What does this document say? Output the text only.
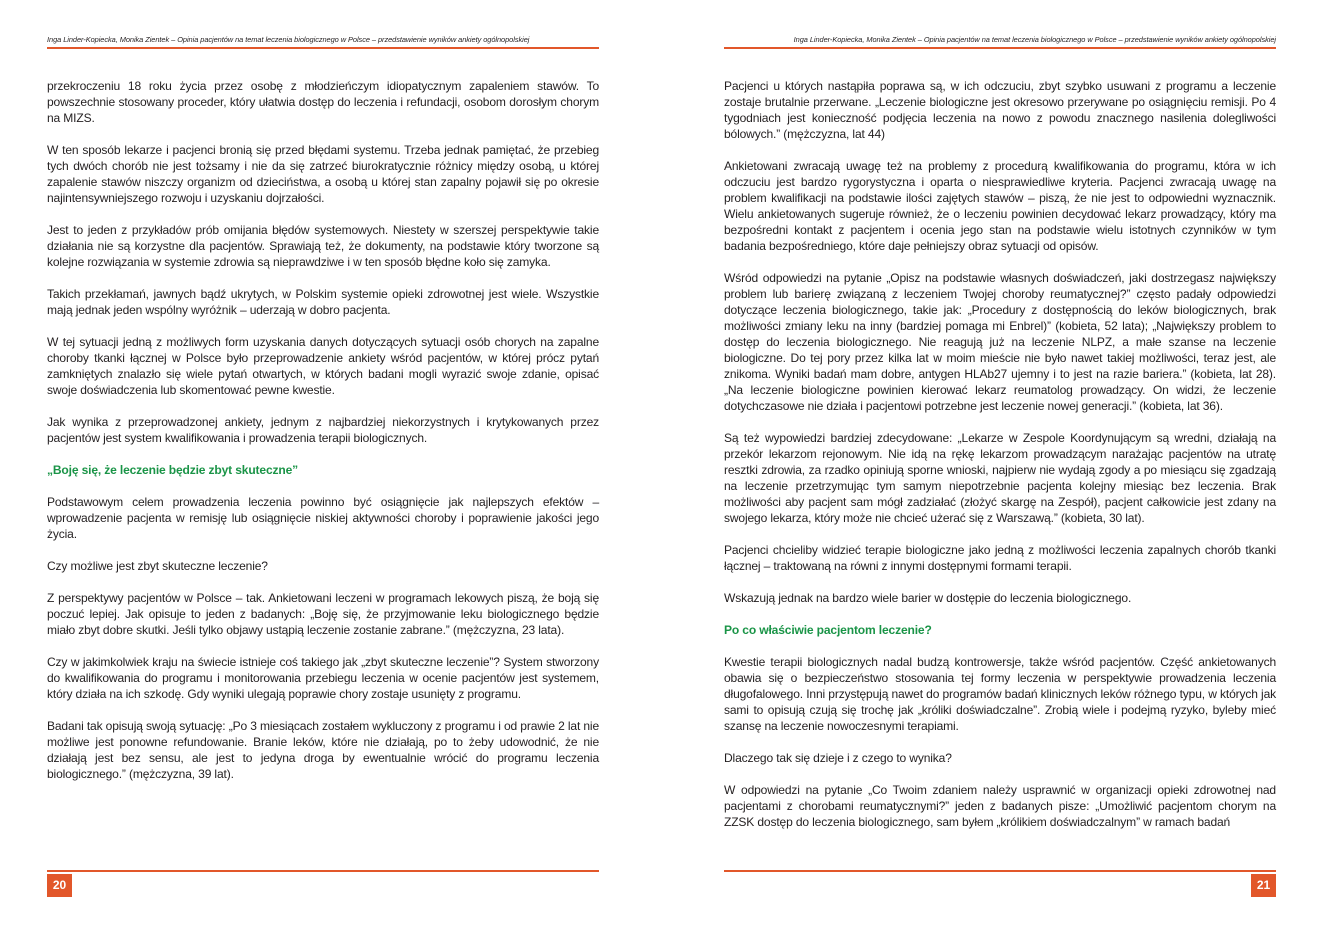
Inga Linder-Kopiecka, Monika Zientek – Opinia pacjentów na temat leczenia biologicznego w Polsce – przedstawienie wyników ankiety ogólnopolskiej

przekroczeniu 18 roku życia przez osobę z młodzieńczym idiopatycznym zapaleniem stawów. To powszechnie stosowany proceder, który ułatwia dostęp do leczenia i refundacji, osobom dorosłym chorym na MIZS.

W ten sposób lekarze i pacjenci bronią się przed błędami systemu. Trzeba jednak pamiętać, że przebieg tych dwóch chorób nie jest tożsamy i nie da się zatrzeć biurokratycznie różnicy między osobą, u której zapalenie stawów niszczy organizm od dzieciństwa, a osobą u której stan zapalny pojawił się po okresie najintensywniejszego rozwoju i uzyskaniu dojrzałości.

Jest to jeden z przykładów prób omijania błędów systemowych. Niestety w szerszej perspektywie takie działania nie są korzystne dla pacjentów. Sprawiają też, że dokumenty, na podstawie który tworzone są kolejne rozwiązania w systemie zdrowia są nieprawdziwe i w ten sposób błędne koło się zamyka.

Takich przekłamań, jawnych bądź ukrytych, w Polskim systemie opieki zdrowotnej jest wiele. Wszystkie mają jednak jeden wspólny wyróżnik – uderzają w dobro pacjenta.

W tej sytuacji jedną z możliwych form uzyskania danych dotyczących sytuacji osób chorych na zapalne choroby tkanki łącznej w Polsce było przeprowadzenie ankiety wśród pacjentów, w której prócz pytań zamkniętych znalazło się wiele pytań otwartych, w których badani mogli wyrazić swoje zdanie, opisać swoje doświadczenia lub skomentować pewne kwestie.

Jak wynika z przeprowadzonej ankiety, jednym z najbardziej niekorzystnych i krytykowanych przez pacjentów jest system kwalifikowania i prowadzenia terapii biologicznych.

„Boję się, że leczenie będzie zbyt skuteczne”

Podstawowym celem prowadzenia leczenia powinno być osiągnięcie jak najlepszych efektów – wprowadzenie pacjenta w remisję lub osiągnięcie niskiej aktywności choroby i poprawienie jakości jego życia.

Czy możliwe jest zbyt skuteczne leczenie?

Z perspektywy pacjentów w Polsce – tak. Ankietowani leczeni w programach lekowych piszą, że boją się poczuć lepiej. Jak opisuje to jeden z badanych: „Boję się, że przyjmowanie leku biologicznego będzie miało zbyt dobre skutki. Jeśli tylko objawy ustąpią leczenie zostanie zabrane.” (mężczyzna, 23 lata).

Czy w jakimkolwiek kraju na świecie istnieje coś takiego jak „zbyt skuteczne leczenie”? System stworzony do kwalifikowania do programu i monitorowania przebiegu leczenia w ocenie pacjentów jest systemem, który działa na ich szkodę. Gdy wyniki ulegają poprawie chory zostaje usunięty z programu.

Badani tak opisują swoją sytuację: „Po 3 miesiącach zostałem wykluczony z programu i od prawie 2 lat nie możliwe jest ponowne refundowanie. Branie leków, które nie działają, po to żeby udowodnić, że nie działają jest bez sensu, ale jest to jedyna droga by ewentualnie wrócić do programu leczenia biologicznego.” (mężczyzna, 39 lat).

20
Inga Linder-Kopiecka, Monika Zientek – Opinia pacjentów na temat leczenia biologicznego w Polsce – przedstawienie wyników ankiety ogólnopolskiej

Pacjenci u których nastąpiła poprawa są, w ich odczuciu, zbyt szybko usuwani z programu a leczenie zostaje brutalnie przerwane. „Leczenie biologiczne jest okresowo przerywane po osiągnięciu remisji. Po 4 tygodniach jest konieczność podjęcia leczenia na nowo z powodu znacznego nasilenia dolegliwości bólowych.” (mężczyzna, lat 44)

Ankietowani zwracają uwagę też na problemy z procedurą kwalifikowania do programu, która w ich odczuciu jest bardzo rygorystyczna i oparta o niesprawiedliwe kryteria. Pacjenci zwracają uwagę na problem kwalifikacji na podstawie ilości zajętych stawów – piszą, że nie jest to odpowiedni wyznacznik. Wielu ankietowanych sugeruje również, że o leczeniu powinien decydować lekarz prowadzący, który ma bezpośredni kontakt z pacjentem i ocenia jego stan na podstawie wielu istotnych czynników w tym badania bezpośredniego, które daje pełniejszy obraz sytuacji od opisów.

Wśród odpowiedzi na pytanie „Opisz na podstawie własnych doświadczeń, jaki dostrzegasz największy problem lub barierę związaną z leczeniem Twojej choroby reumatycznej?” często padały odpowiedzi dotyczące leczenia biologicznego, takie jak: „Procedury z dostępnością do leków biologicznych, brak możliwości zmiany leku na inny (bardziej pomaga mi Enbrel)” (kobieta, 52 lata); „Największy problem to dostęp do leczenia biologicznego. Nie reagują już na leczenie NLPZ, a małe szanse na leczenie biologiczne. Do tej pory przez kilka lat w moim mieście nie było nawet takiej możliwości, teraz jest, ale znikoma. Wyniki badań mam dobre, antygen HLAb27 ujemny i to jest na razie bariera.” (kobieta, lat 28). „Na leczenie biologiczne powinien kierować lekarz reumatolog prowadzący. On widzi, że leczenie dotychczasowe nie działa i pacjentowi potrzebne jest leczenie nowej generacji.” (kobieta, lat 36).

Są też wypowiedzi bardziej zdecydowane: „Lekarze w Zespole Koordynującym są wredni, działają na przekór lekarzom rejonowym. Nie idą na rękę lekarzom prowadzącym narażając pacjentów na utratę resztki zdrowia, za rzadko opiniują sporne wnioski, najpierw nie wydają zgody a po miesiącu się zgadzają na leczenie przetrzymując tym samym niepotrzebnie pacjenta kolejny miesiąc bez leczenia. Brak możliwości aby pacjent sam mógł zadziałać (złożyć skargę na Zespół), pacjent całkowicie jest zdany na swojego lekarza, który może nie chcieć użerać się z Warszawą.” (kobieta, 30 lat).

Pacjenci chcieliby widzieć terapie biologiczne jako jedną z możliwości leczenia zapalnych chorób tkanki łącznej – traktowaną na równi z innymi dostępnymi formami terapii.

Wskazują jednak na bardzo wiele barier w dostępie do leczenia biologicznego.

Po co właściwie pacjentom leczenie?

Kwestie terapii biologicznych nadal budzą kontrowersje, także wśród pacjentów. Część ankietowanych obawia się o bezpieczeństwo stosowania tej formy leczenia w perspektywie prowadzenia leczenia długofalowego. Inni przystępują nawet do programów badań klinicznych leków różnego typu, w których jak sami to opisują czują się trochę jak „króliki doświadczalne”. Zrobią wiele i podejmą ryzyko, byleby mieć szansę na leczenie nowoczesnymi terapiami.

Dlaczego tak się dzieje i z czego to wynika?

W odpowiedzi na pytanie „Co Twoim zdaniem należy usprawnić w organizacji opieki zdrowotnej nad pacjentami z chorobami reumatycznymi?” jeden z badanych pisze: „Umożliwić pacjentom chorym na ZZSK dostęp do leczenia biologicznego, sam byłem „królikiem doświadczalnym” w ramach badań

21
